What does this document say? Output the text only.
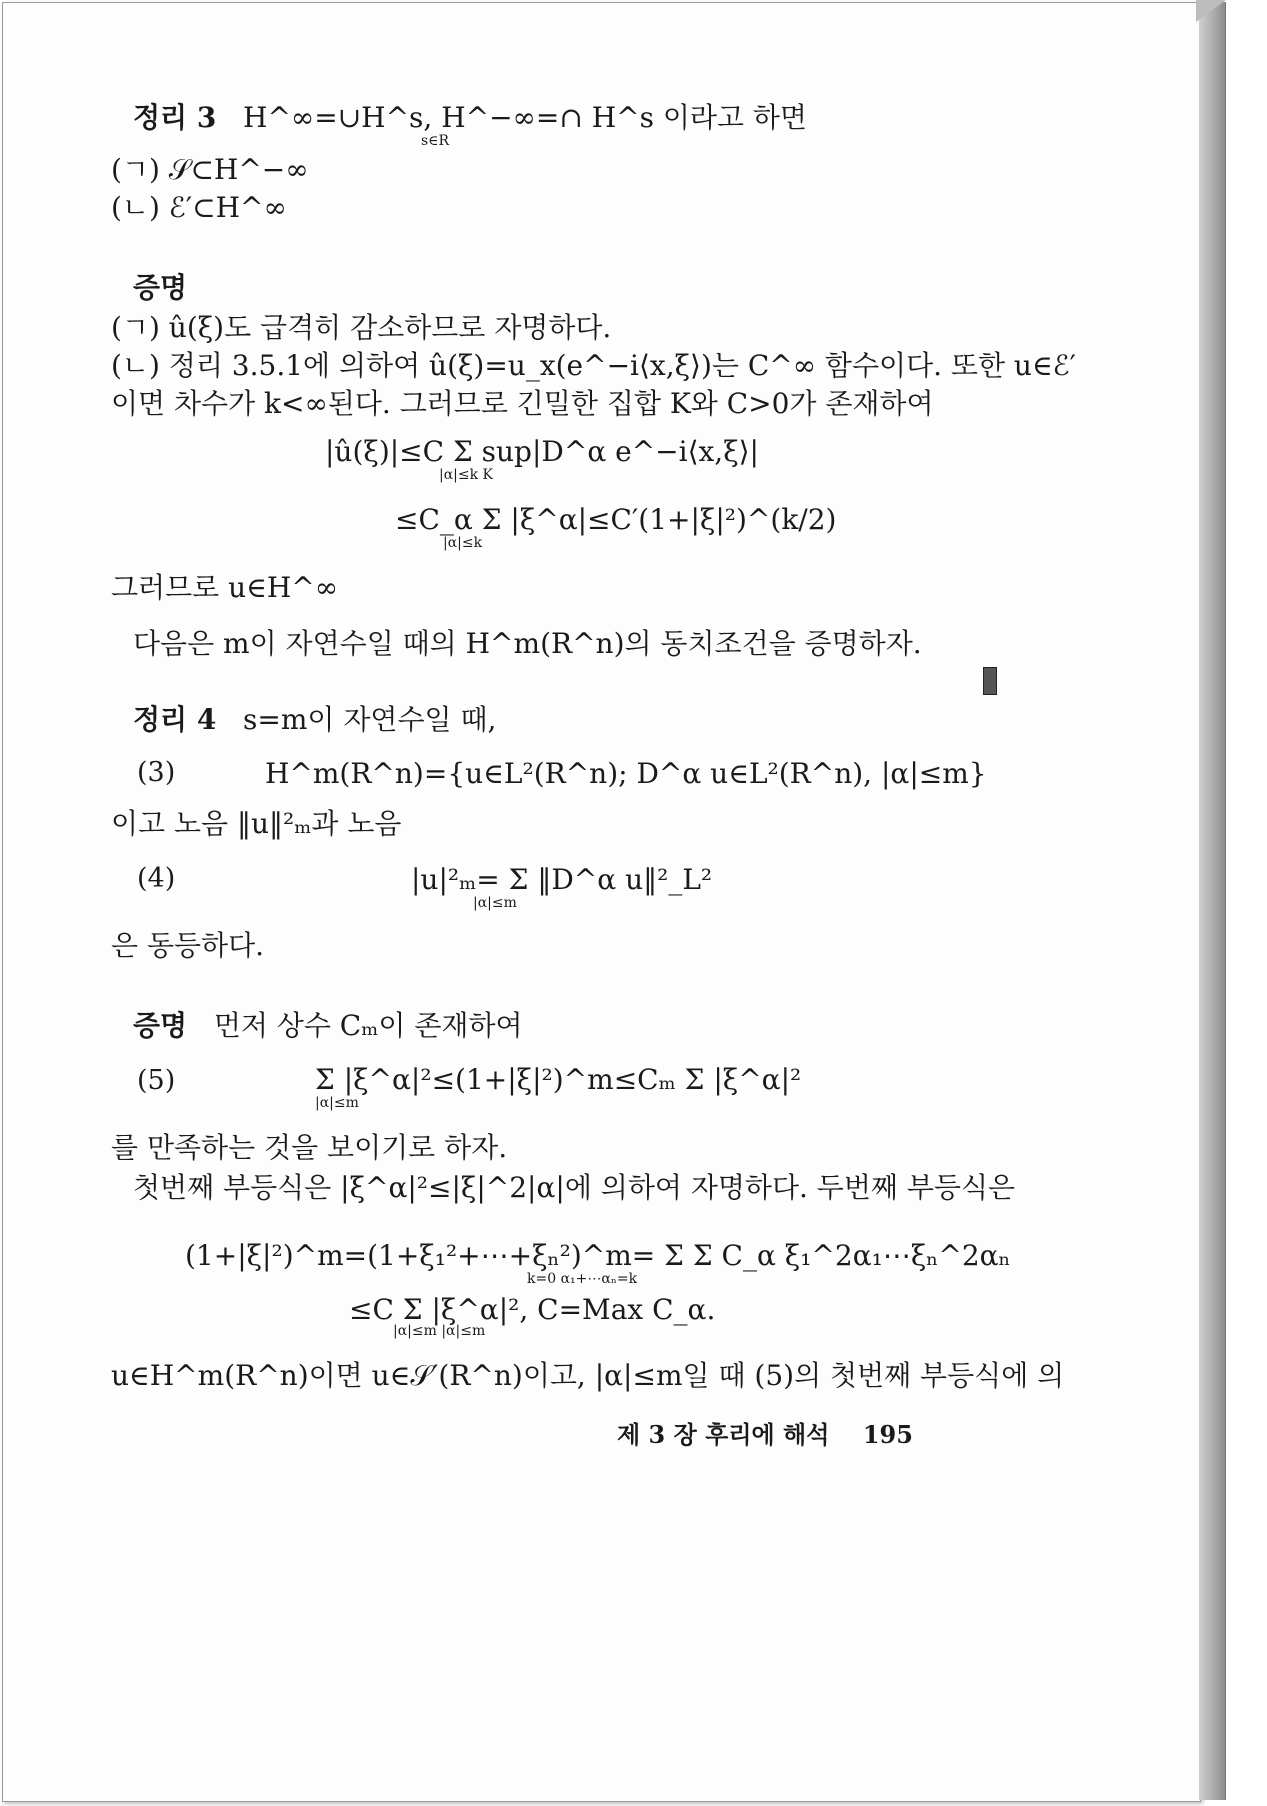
정리 3 H^∞=∪H^s, H^−∞=∩ H^s 이라고 하면
s∈R
(ㄱ) 𝒮⊂H^−∞
(ㄴ) ℰ′⊂H^∞
증명
(ㄱ) û(ξ)도 급격히 감소하므로 자명하다.
(ㄴ) 정리 3.5.1에 의하여 û(ξ)=u_x(e^−i⟨x,ξ⟩)는 C^∞ 함수이다. 또한 u∈ℰ′
이면 차수가 k<∞된다. 그러므로 긴밀한 집합 K와 C>0가 존재하여
|û(ξ)|≤C Σ sup|D^α e^−i⟨x,ξ⟩|
|α|≤k K
≤C_α Σ |ξ^α|≤C′(1+|ξ|²)^(k/2)
|α|≤k
그러므로 u∈H^∞
다음은 m이 자연수일 때의 H^m(R^n)의 동치조건을 증명하자.
정리 4 s=m이 자연수일 때,
(3)	H^m(R^n)={u∈L²(R^n); D^α u∈L²(R^n), |α|≤m}
이고 노음 ‖u‖²ₘ과 노음
(4)	|u|²ₘ= Σ ‖D^α u‖²_L²
|α|≤m
은 동등하다.
증명 먼저 상수 Cₘ이 존재하여
(5)	Σ |ξ^α|²≤(1+|ξ|²)^m≤Cₘ Σ |ξ^α|²
|α|≤m
를 만족하는 것을 보이기로 하자.
첫번째 부등식은 |ξ^α|²≤|ξ|^2|α|에 의하여 자명하다. 두번째 부등식은
(1+|ξ|²)^m=(1+ξ₁²+⋯+ξₙ²)^m= Σ Σ C_α ξ₁^2α₁⋯ξₙ^2αₙ
k=0 α₁+⋯αₙ=k
≤C Σ |ξ^α|², C=Max C_α.
|α|≤m |α|≤m
u∈H^m(R^n)이면 u∈𝒮′(R^n)이고, |α|≤m일 때 (5)의 첫번째 부등식에 의
제 3 장 후리에 해석 195
